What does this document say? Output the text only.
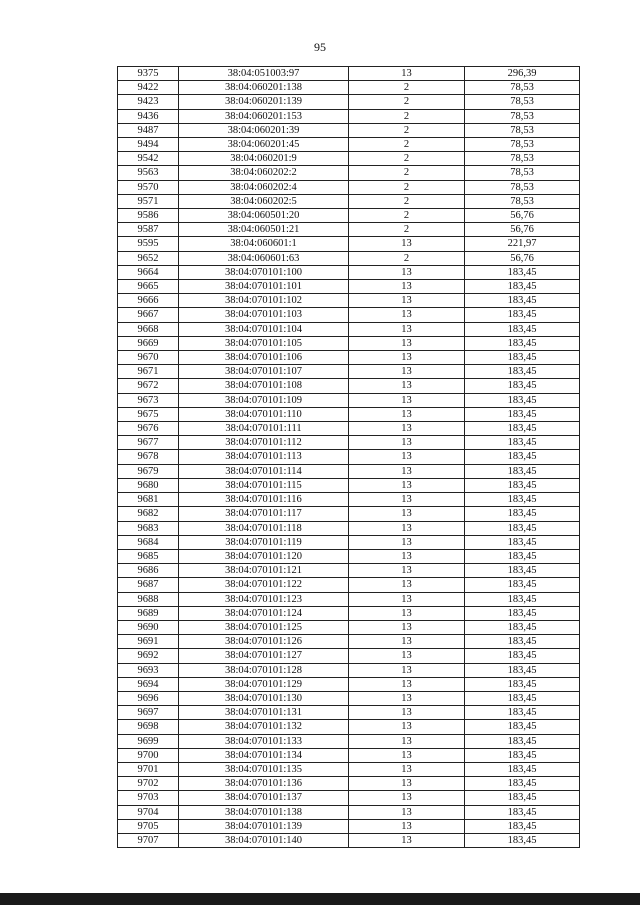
95
9375	38:04:051003:97	13	296,39
9422	38:04:060201:138	2	78,53
9423	38:04:060201:139	2	78,53
9436	38:04:060201:153	2	78,53
9487	38:04:060201:39	2	78,53
9494	38:04:060201:45	2	78,53
9542	38:04:060201:9	2	78,53
9563	38:04:060202:2	2	78,53
9570	38:04:060202:4	2	78,53
9571	38:04:060202:5	2	78,53
9586	38:04:060501:20	2	56,76
9587	38:04:060501:21	2	56,76
9595	38:04:060601:1	13	221,97
9652	38:04:060601:63	2	56,76
9664	38:04:070101:100	13	183,45
9665	38:04:070101:101	13	183,45
9666	38:04:070101:102	13	183,45
9667	38:04:070101:103	13	183,45
9668	38:04:070101:104	13	183,45
9669	38:04:070101:105	13	183,45
9670	38:04:070101:106	13	183,45
9671	38:04:070101:107	13	183,45
9672	38:04:070101:108	13	183,45
9673	38:04:070101:109	13	183,45
9675	38:04:070101:110	13	183,45
9676	38:04:070101:111	13	183,45
9677	38:04:070101:112	13	183,45
9678	38:04:070101:113	13	183,45
9679	38:04:070101:114	13	183,45
9680	38:04:070101:115	13	183,45
9681	38:04:070101:116	13	183,45
9682	38:04:070101:117	13	183,45
9683	38:04:070101:118	13	183,45
9684	38:04:070101:119	13	183,45
9685	38:04:070101:120	13	183,45
9686	38:04:070101:121	13	183,45
9687	38:04:070101:122	13	183,45
9688	38:04:070101:123	13	183,45
9689	38:04:070101:124	13	183,45
9690	38:04:070101:125	13	183,45
9691	38:04:070101:126	13	183,45
9692	38:04:070101:127	13	183,45
9693	38:04:070101:128	13	183,45
9694	38:04:070101:129	13	183,45
9696	38:04:070101:130	13	183,45
9697	38:04:070101:131	13	183,45
9698	38:04:070101:132	13	183,45
9699	38:04:070101:133	13	183,45
9700	38:04:070101:134	13	183,45
9701	38:04:070101:135	13	183,45
9702	38:04:070101:136	13	183,45
9703	38:04:070101:137	13	183,45
9704	38:04:070101:138	13	183,45
9705	38:04:070101:139	13	183,45
9707	38:04:070101:140	13	183,45
